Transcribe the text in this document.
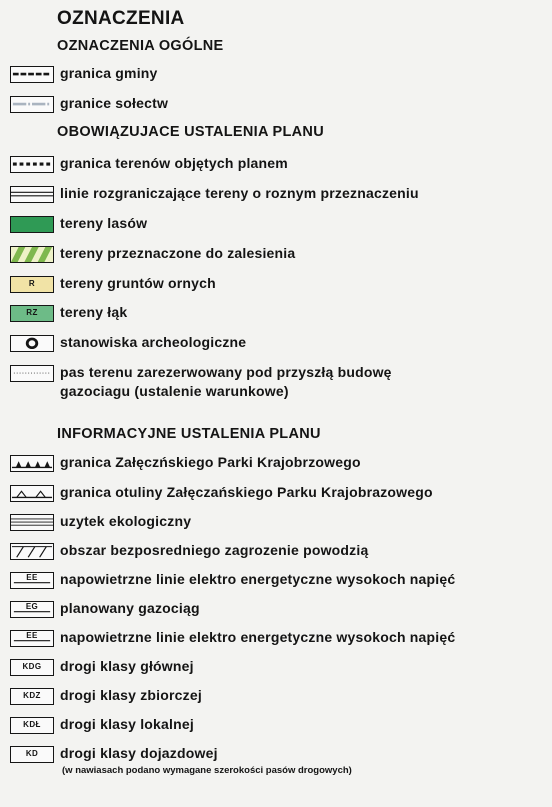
OZNACZENIA
OZNACZENIA OGÓLNE
granica gminy
granice sołectw
OBOWIĄZUJACE USTALENIA PLANU
granica terenów objętych planem
linie rozgraniczające tereny o roznym przeznaczeniu
tereny lasów
tereny przeznaczone do zalesienia
R	tereny gruntów ornych
RZ	tereny łąk
stanowiska archeologiczne
pas terenu zarezerwowany pod przyszłą budowę
gazociagu (ustalenie warunkowe)
INFORMACYJNE USTALENIA PLANU
granica Załęczńskiego Parki Krajobrzowego
granica otuliny Załęczańskiego Parku Krajobrazowego
uzytek ekologiczny
obszar bezposredniego zagrozenie powodzią
EE	napowietrzne linie elektro energetyczne wysokoch napięć
EG	planowany gazociąg
EE	napowietrzne linie elektro energetyczne wysokoch napięć
KDG	drogi klasy głównej
KDZ	drogi klasy zbiorczej
KDŁ	drogi klasy lokalnej
KD	drogi klasy dojazdowej
(w nawiasach podano wymagane szerokości pasów drogowych)
